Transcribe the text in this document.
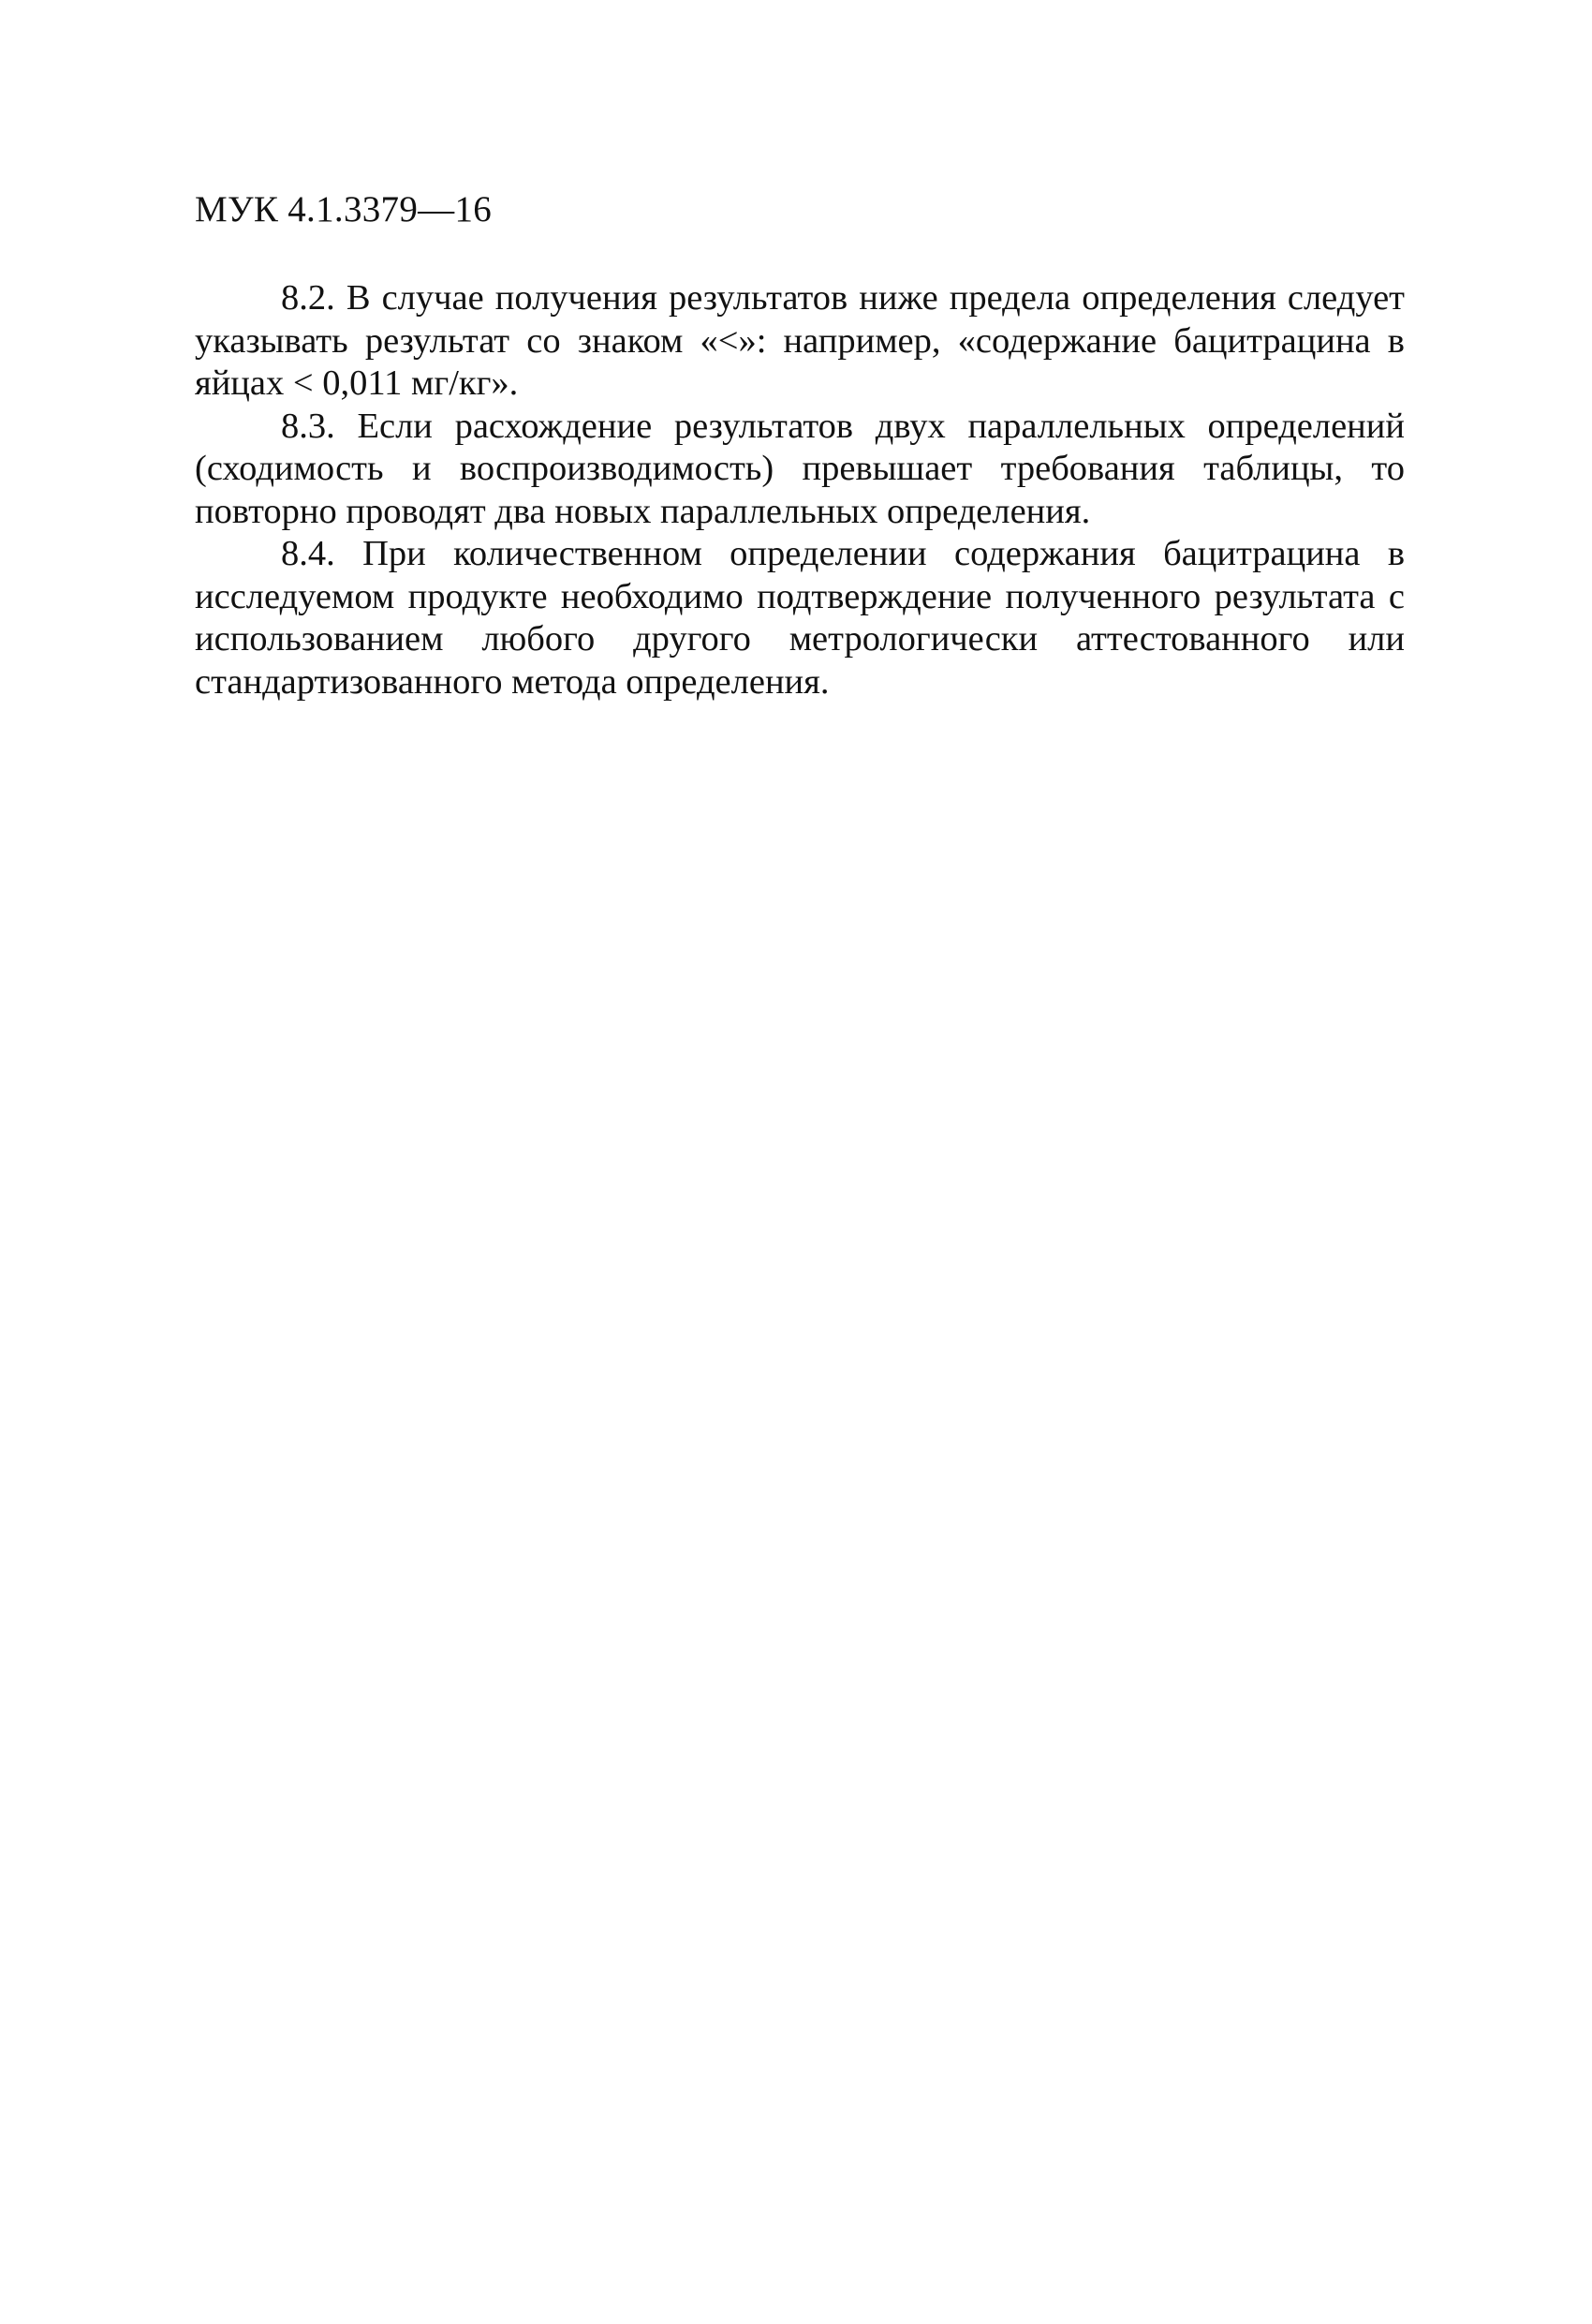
МУК 4.1.3379—16

8.2. В случае получения результатов ниже предела определения следует указывать результат со знаком «<»: например, «содержание бацитрацина в яйцах < 0,011 мг/кг».

8.3. Если расхождение результатов двух параллельных определений (сходимость и воспроизводимость) превышает требования таблицы, то повторно проводят два новых параллельных определения.

8.4. При количественном определении содержания бацитрацина в исследуемом продукте необходимо подтверждение полученного результата с использованием любого другого метрологически аттестованного или стандартизованного метода определения.
